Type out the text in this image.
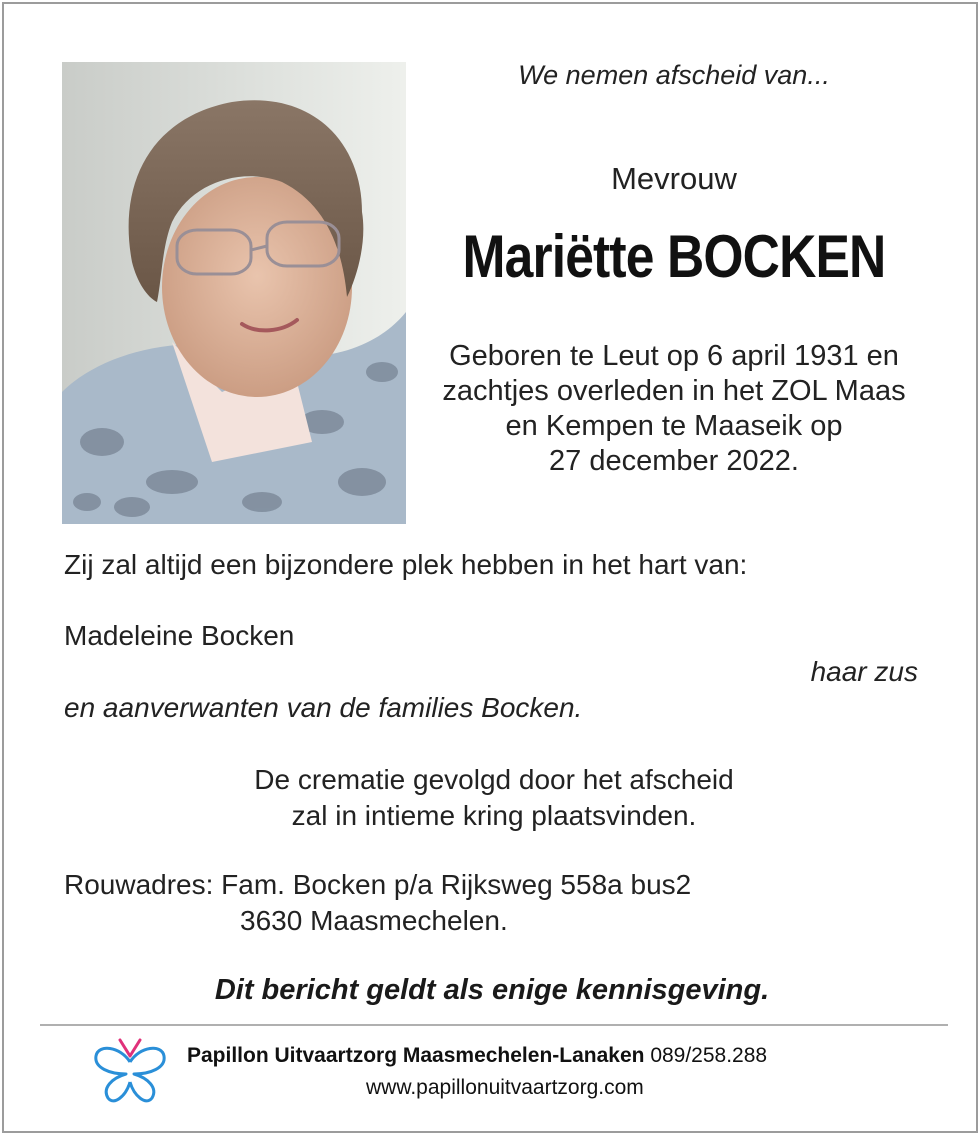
We nemen afscheid van...
Mevrouw
Mariëtte BOCKEN
Geboren te Leut op 6 april 1931 en
zachtjes overleden in het ZOL Maas
en Kempen te Maaseik op
27 december 2022.
Zij zal altijd een bijzondere plek hebben in het hart van:
Madeleine Bocken
haar zus
en aanverwanten van de families Bocken.
De crematie gevolgd door het afscheid
zal in intieme kring plaatsvinden.
Rouwadres: Fam. Bocken p/a Rijksweg 558a bus2
3630 Maasmechelen.
Dit bericht geldt als enige kennisgeving.
Papillon Uitvaartzorg Maasmechelen-Lanaken 089/258.288
www.papillonuitvaartzorg.com
